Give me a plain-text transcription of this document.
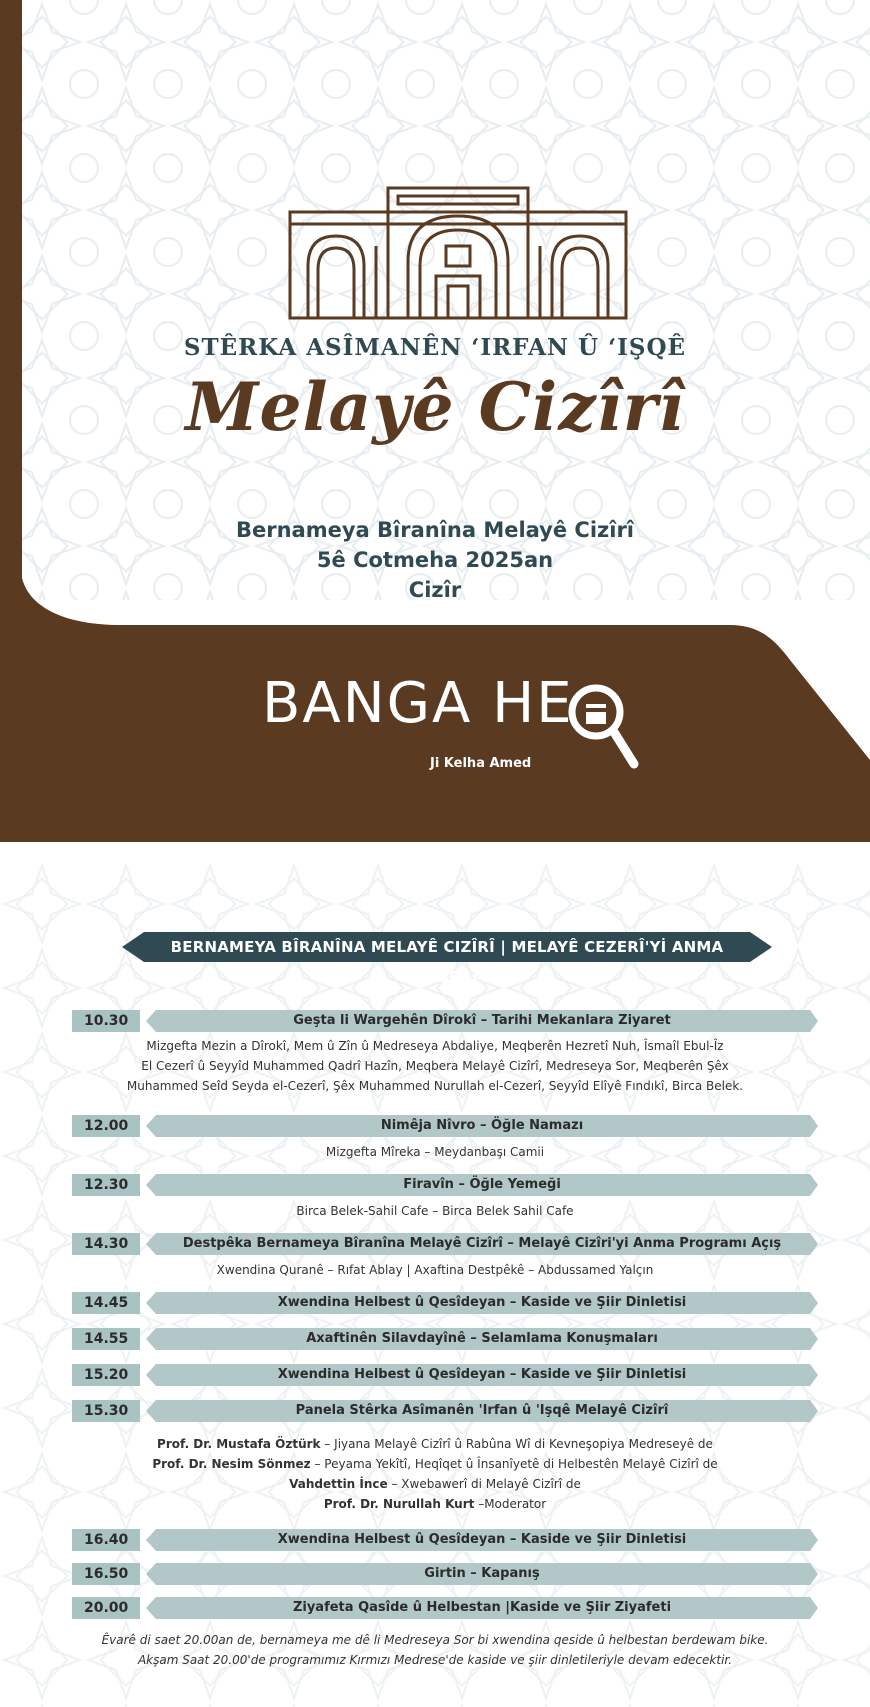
STÊRKA ASÎMANÊN ‘IRFAN Û ‘IŞQÊ
Melayê Cizîrî
Bernameya Bîranîna Melayê Cizîrî
5ê Cotmeha 2025an
Cizîr
BANGA HE
Ji Kelha Amed
BERNAMEYA BÎRANÎNA MELAYÊ CIZÎRÎ | MELAYÊ CEZERÎ'Yİ ANMA PROGRAMI
10.30	Geşta li Wargehên Dîrokî – Tarihi Mekanlara Ziyaret
Mizgefta Mezin a Dîrokî, Mem û Zîn û Medreseya Abdaliye, Meqberên Hezretî Nuh, Îsmaîl Ebul-Îz
El Cezerî û Seyyîd Muhammed Qadrî Hazîn, Meqbera Melayê Cizîrî, Medreseya Sor, Meqberên Şêx
Muhammed Seîd Seyda el-Cezerî, Şêx Muhammed Nurullah el-Cezerî, Seyyîd Elîyê Fındıkî, Birca Belek.
12.00	Nimêja Nîvro – Öğle Namazı
Mizgefta Mîreka – Meydanbaşı Camii
12.30	Firavîn – Öğle Yemeği
Birca Belek-Sahil Cafe – Birca Belek Sahil Cafe
14.30	Destpêka Bernameya Bîranîna Melayê Cizîrî – Melayê Cizîri'yi Anma Programı Açış
Xwendina Quranê – Rıfat Ablay | Axaftina Destpêkê – Abdussamed Yalçın
14.45	Xwendina Helbest û Qesîdeyan – Kaside ve Şiir Dinletisi
14.55	Axaftinên Silavdayînê – Selamlama Konuşmaları
15.20	Xwendina Helbest û Qesîdeyan – Kaside ve Şiir Dinletisi
15.30	Panela Stêrka Asîmanên 'Irfan û 'Işqê Melayê Cizîrî
Prof. Dr. Mustafa Öztürk – Jiyana Melayê Cizîrî û Rabûna Wî di Kevneşopiya Medreseyê de
Prof. Dr. Nesim Sönmez – Peyama Yekîtî, Heqîqet û Însanîyetê di Helbestên Melayê Cizîrî de
Vahdettin İnce – Xwebawerî di Melayê Cizîrî de
Prof. Dr. Nurullah Kurt –Moderator
16.40	Xwendina Helbest û Qesîdeyan – Kaside ve Şiir Dinletisi
16.50	Girtin – Kapanış
20.00	Ziyafeta Qasîde û Helbestan |Kaside ve Şiir Ziyafeti
Êvarê di saet 20.00an de, bernameya me dê li Medreseya Sor bi xwendina qeside û helbestan berdewam bike.
Akşam Saat 20.00'de programımız Kırmızı Medrese'de kaside ve şiir dinletileriyle devam edecektir.
